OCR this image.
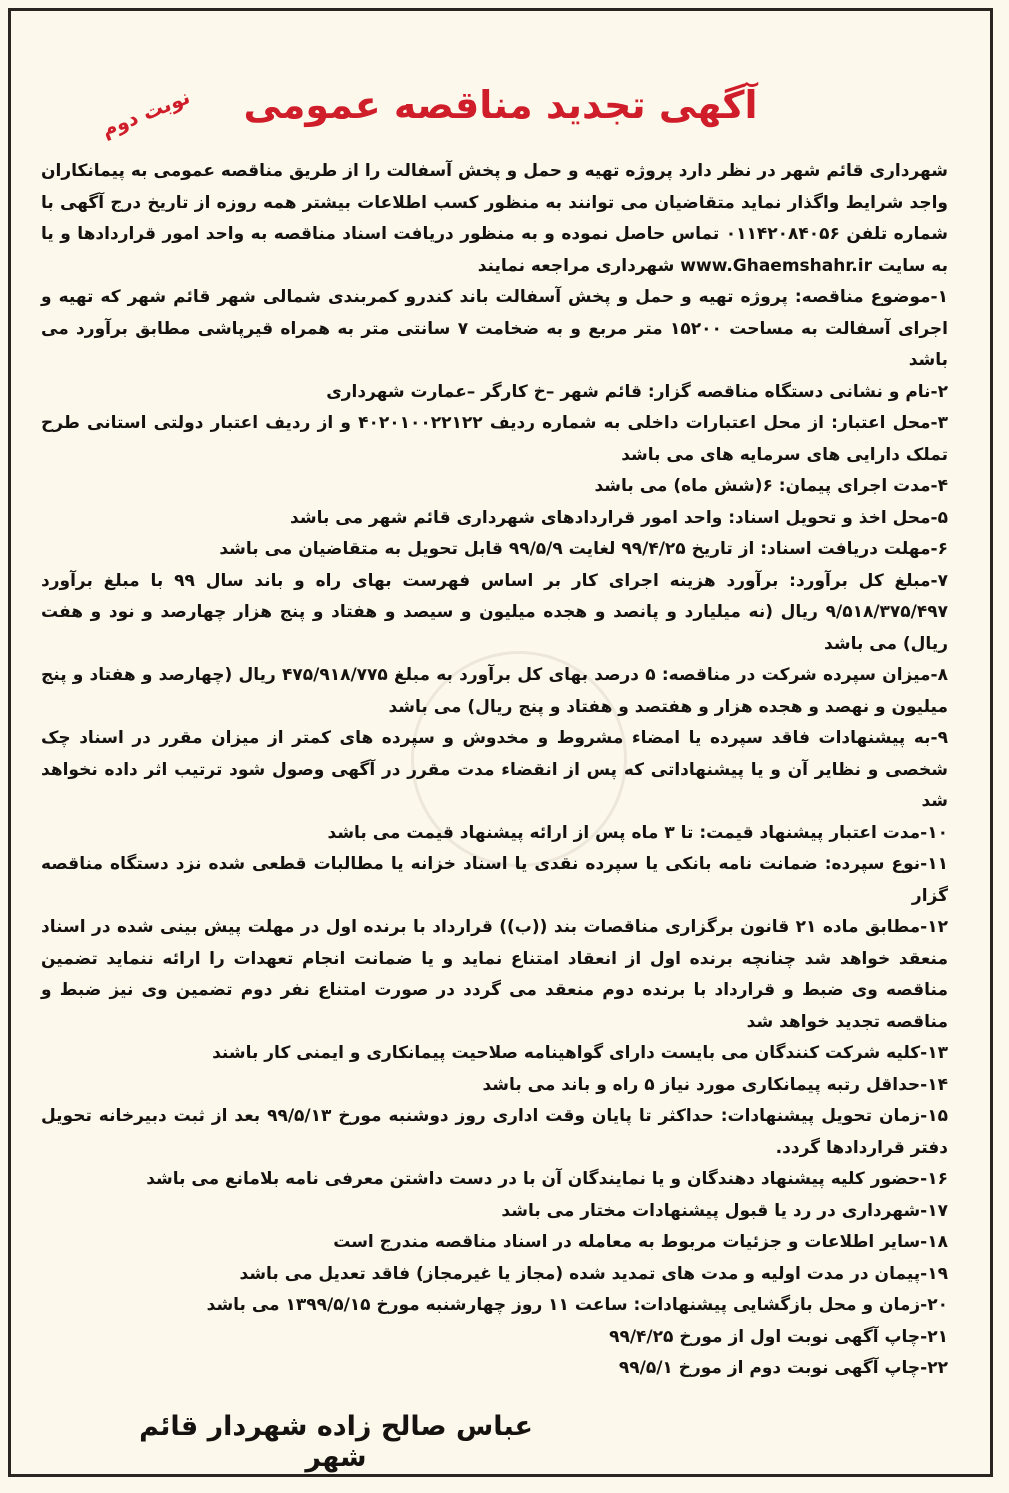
نوبت دوم	آگهی تجدید مناقصه عمومی

شهرداری قائم شهر در نظر دارد پروژه تهیه و حمل و پخش آسفالت را از طریق مناقصه عمومی به پیمانکاران واجد شرایط واگذار نماید متقاضیان می توانند به منظور کسب اطلاعات بیشتر همه روزه از تاریخ درج آگهی با شماره تلفن ۰۱۱۴۲۰۸۴۰۵۶ تماس حاصل نموده و به منظور دریافت اسناد مناقصه به واحد امور قراردادها و یا به سایت www.Ghaemshahr.ir شهرداری مراجعه نمایند

۱-موضوع مناقصه: پروژه تهیه و حمل و پخش آسفالت باند کندرو کمربندی شمالی شهر قائم شهر که تهیه و اجرای آسفالت به مساحت ۱۵۲۰۰ متر مربع و به ضخامت ۷ سانتی متر به همراه قیرپاشی مطابق برآورد می باشد

۲-نام و نشانی دستگاه مناقصه گزار: قائم شهر –خ کارگر –عمارت شهرداری

۳-محل اعتبار: از محل اعتبارات داخلی به شماره ردیف ۴۰۲۰۱۰۰۲۲۱۲۲ و از ردیف اعتبار دولتی استانی طرح تملک دارایی های سرمایه های می باشد

۴-مدت اجرای پیمان: ۶(شش ماه) می باشد

۵-محل اخذ و تحویل اسناد: واحد امور قراردادهای شهرداری قائم شهر می باشد

۶-مهلت دریافت اسناد: از تاریخ ۹۹/۴/۲۵ لغایت ۹۹/۵/۹ قابل تحویل به متقاضیان می باشد

۷-مبلغ کل برآورد: برآورد هزینه اجرای کار بر اساس فهرست بهای راه و باند سال ۹۹ با مبلغ برآورد ۹/۵۱۸/۳۷۵/۴۹۷ ریال (نه میلیارد و پانصد و هجده میلیون و سیصد و هفتاد و پنج هزار چهارصد و نود و هفت ریال) می باشد

۸-میزان سپرده شرکت در مناقصه: ۵ درصد بهای کل برآورد به مبلغ ۴۷۵/۹۱۸/۷۷۵ ریال (چهارصد و هفتاد و پنج میلیون و نهصد و هجده هزار و هفتصد و هفتاد و پنج ریال) می باشد

۹-به پیشنهادات فاقد سپرده یا امضاء مشروط و مخدوش و سپرده های کمتر از میزان مقرر در اسناد چک شخصی و نظایر آن و یا پیشنهاداتی که پس از انقضاء مدت مقرر در آگهی وصول شود ترتیب اثر داده نخواهد شد

۱۰-مدت اعتبار پیشنهاد قیمت: تا ۳ ماه پس از ارائه پیشنهاد قیمت می باشد

۱۱-نوع سپرده: ضمانت نامه بانکی یا سپرده نقدی یا اسناد خزانه یا مطالبات قطعی شده نزد دستگاه مناقصه گزار

۱۲-مطابق ماده ۲۱ قانون برگزاری مناقصات بند ((ب)) قرارداد با برنده اول در مهلت پیش بینی شده در اسناد منعقد خواهد شد چنانچه برنده اول از انعقاد امتناع نماید و یا ضمانت انجام تعهدات را ارائه ننماید تضمین مناقصه وی ضبط و قرارداد با برنده دوم منعقد می گردد در صورت امتناع نفر دوم تضمین وی نیز ضبط و مناقصه تجدید خواهد شد

۱۳-کلیه شرکت کنندگان می بایست دارای گواهینامه صلاحیت پیمانکاری و ایمنی کار باشند

۱۴-حداقل رتبه پیمانکاری مورد نیاز ۵ راه و باند می باشد

۱۵-زمان تحویل پیشنهادات: حداکثر تا پایان وقت اداری روز دوشنبه مورخ ۹۹/۵/۱۳ بعد از ثبت دبیرخانه تحویل دفتر قراردادها گردد.

۱۶-حضور کلیه پیشنهاد دهندگان و یا نمایندگان آن با در دست داشتن معرفی نامه بلامانع می باشد

۱۷-شهرداری در رد یا قبول پیشنهادات مختار می باشد

۱۸-سایر اطلاعات و جزئیات مربوط به معامله در اسناد مناقصه مندرج است

۱۹-پیمان در مدت اولیه و مدت های تمدید شده (مجاز یا غیرمجاز) فاقد تعدیل می باشد

۲۰-زمان و محل بازگشایی پیشنهادات: ساعت ۱۱ روز چهارشنبه مورخ ۱۳۹۹/۵/۱۵ می باشد

۲۱-چاپ آگهی نوبت اول از مورخ ۹۹/۴/۲۵

۲۲-چاپ آگهی نوبت دوم از مورخ ۹۹/۵/۱

عباس صالح زاده شهردار قائم شهر
